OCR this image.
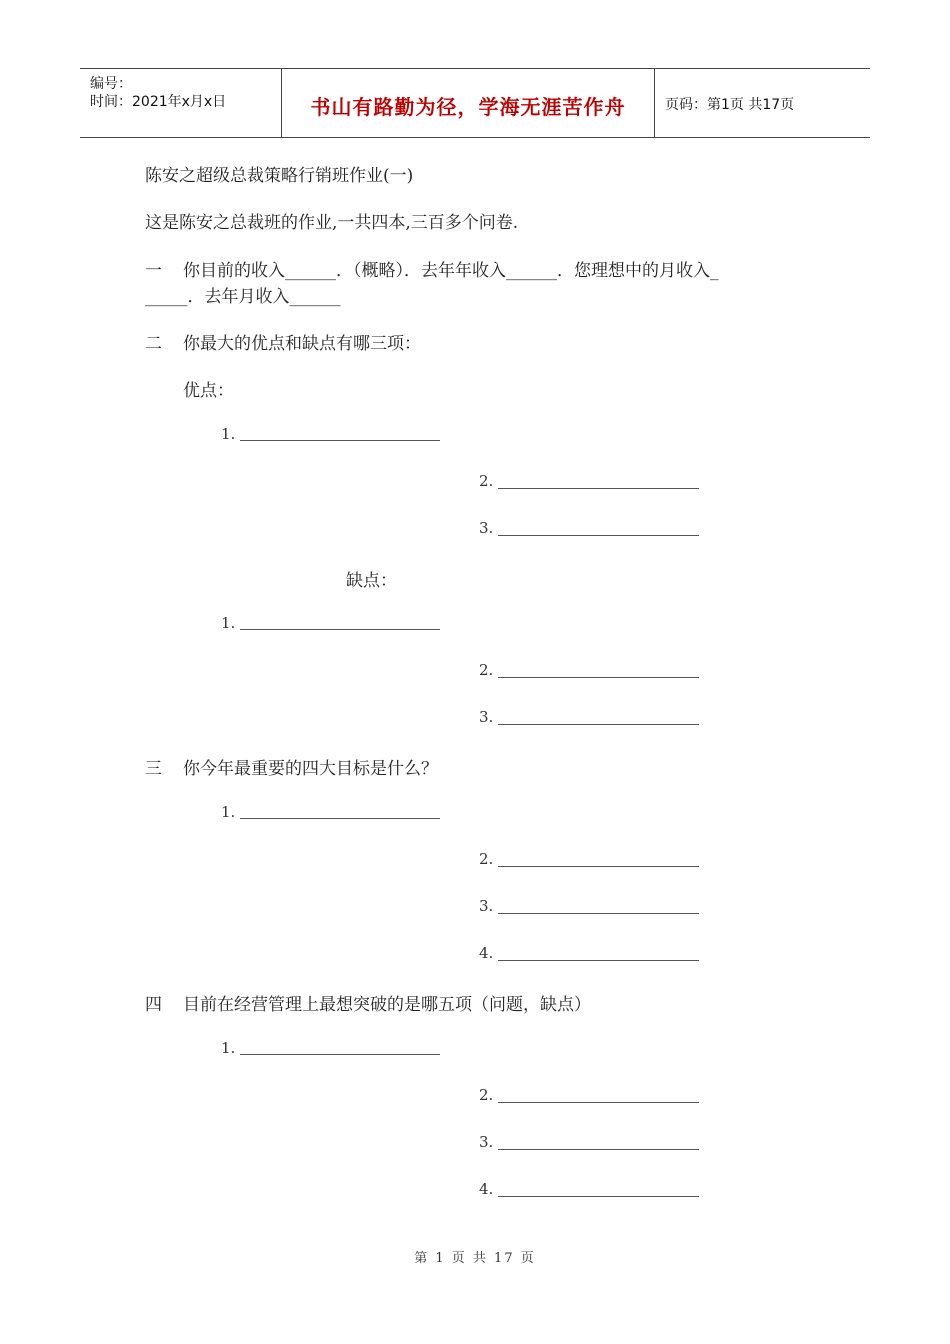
编号：
时间：2021年x月x日	书山有路勤为径，学海无涯苦作舟	页码：第1页 共17页
陈安之超级总裁策略行销班作业(一)
这是陈安之总裁班的作业,一共四本,三百多个问卷.
一 你目前的收入______．（概略）．去年年收入______．您理想中的月收入_
_____．去年月收入______
二 你最大的优点和缺点有哪三项：
优点：
1.
2.
3.
缺点：
1.
2.
3.
三 你今年最重要的四大目标是什么？
1.
2.
3.
4.
四 目前在经营管理上最想突破的是哪五项（问题，缺点）
1.
2.
3.
4.
第 1 页 共 17 页
